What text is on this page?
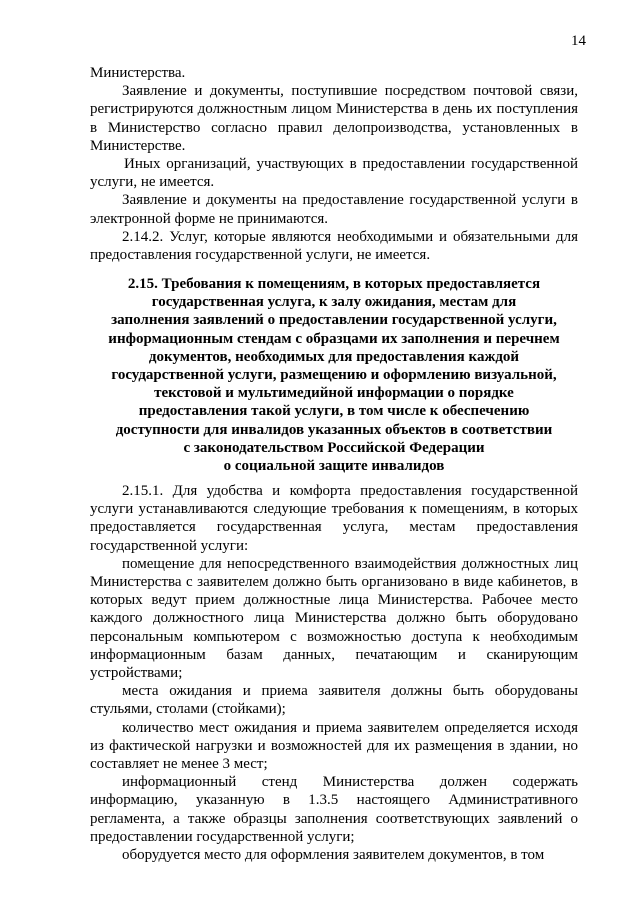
14

Министерства.

Заявление и документы, поступившие посредством почтовой связи, регистрируются должностным лицом Министерства в день их поступления в Министерство согласно правил делопроизводства, установленных в Министерстве.

Иных организаций, участвующих в предоставлении государственной услуги, не имеется.

Заявление и документы на предоставление государственной услуги в электронной форме не принимаются.

2.14.2. Услуг, которые являются необходимыми и обязательными для предоставления государственной услуги, не имеется.

2.15. Требования к помещениям, в которых предоставляется
государственная услуга, к залу ожидания, местам для
заполнения заявлений о предоставлении государственной услуги,
информационным стендам с образцами их заполнения и перечнем
документов, необходимых для предоставления каждой
государственной услуги, размещению и оформлению визуальной,
текстовой и мультимедийной информации о порядке
предоставления такой услуги, в том числе к обеспечению
доступности для инвалидов указанных объектов в соответствии
с законодательством Российской Федерации
о социальной защите инвалидов

2.15.1. Для удобства и комфорта предоставления государственной услуги устанавливаются следующие требования к помещениям, в которых предоставляется государственная услуга, местам предоставления государственной услуги:

помещение для непосредственного взаимодействия должностных лиц Министерства с заявителем должно быть организовано в виде кабинетов, в которых ведут прием должностные лица Министерства. Рабочее место каждого должностного лица Министерства должно быть оборудовано персональным компьютером с возможностью доступа к необходимым информационным базам данных, печатающим и сканирующим устройствами;

места ожидания и приема заявителя должны быть оборудованы стульями, столами (стойками);

количество мест ожидания и приема заявителем определяется исходя из фактической нагрузки и возможностей для их размещения в здании, но составляет не менее 3 мест;

информационный стенд Министерства должен содержать информацию, указанную в 1.3.5 настоящего Административного регламента, а также образцы заполнения соответствующих заявлений о предоставлении государственной услуги;

оборудуется место для оформления заявителем документов, в том
